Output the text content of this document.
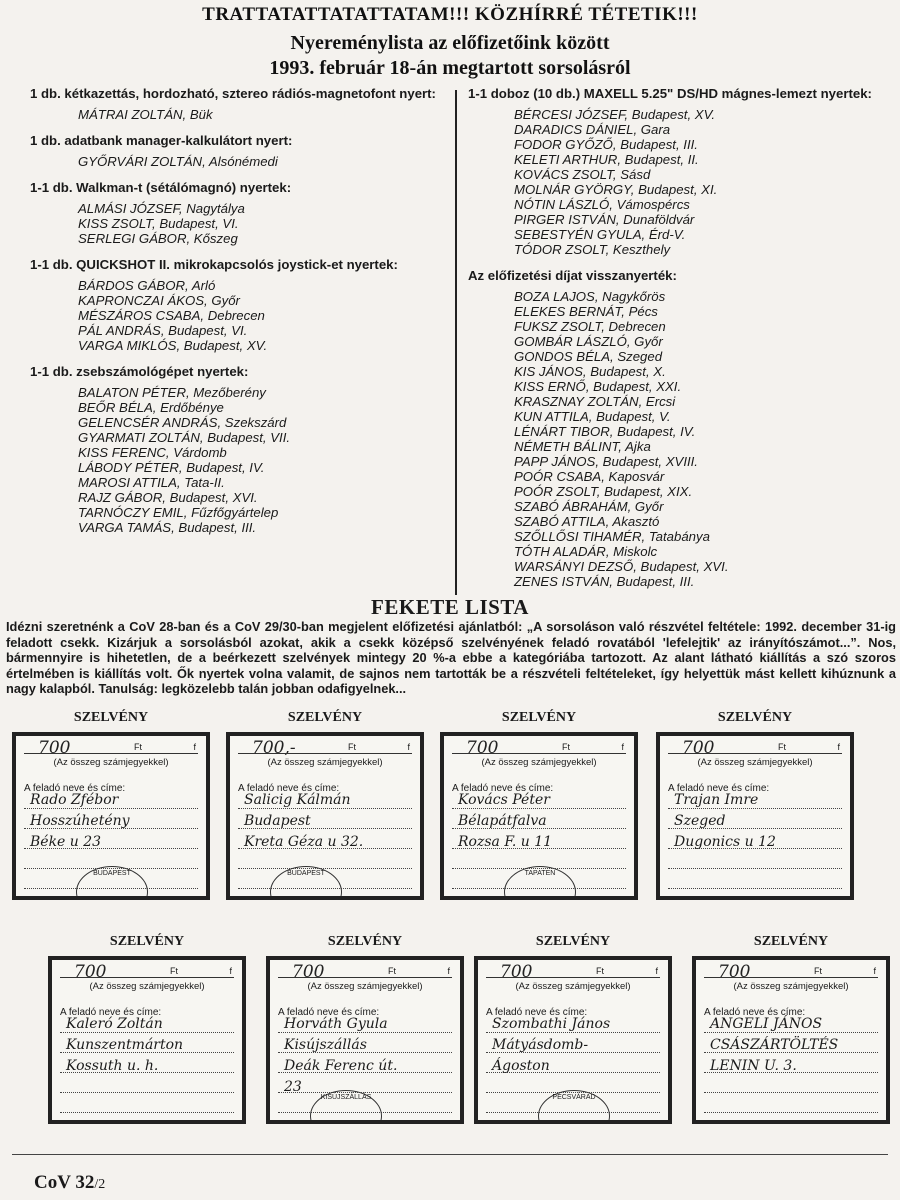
TRATTATATTATATTATAM!!! KÖZHÍRRÉ TÉTETIK!!!
Nyereménylista az előfizetőink között
1993. február 18-án megtartott sorsolásról
1 db. kétkazettás, hordozható, sztereo rádiós-magnetofont nyert:
MÁTRAI ZOLTÁN, Bük
1 db. adatbank manager-kalkulátort nyert:
GYŐRVÁRI ZOLTÁN, Alsónémedi
1-1 db. Walkman-t (sétálómagnó) nyertek:
ALMÁSI JÓZSEF, Nagytálya
KISS ZSOLT, Budapest, VI.
SERLEGI GÁBOR, Kőszeg
1-1 db. QUICKSHOT II. mikrokapcsolós joystick-et nyertek:
BÁRDOS GÁBOR, Arló
KAPRONCZAI ÁKOS, Győr
MÉSZÁROS CSABA, Debrecen
PÁL ANDRÁS, Budapest, VI.
VARGA MIKLÓS, Budapest, XV.
1-1 db. zsebszámológépet nyertek:
BALATON PÉTER, Mezőberény
BEŐR BÉLA, Erdőbénye
GELENCSÉR ANDRÁS, Szekszárd
GYARMATI ZOLTÁN, Budapest, VII.
KISS FERENC, Várdomb
LÁBODY PÉTER, Budapest, IV.
MAROSI ATTILA, Tata-II.
RAJZ GÁBOR, Budapest, XVI.
TARNÓCZY EMIL, Fűzfőgyártelep
VARGA TAMÁS, Budapest, III.
1-1 doboz (10 db.) MAXELL 5.25" DS/HD mágnes-lemezt nyertek:
BÉRCESI JÓZSEF, Budapest, XV.
DARADICS DÁNIEL, Gara
FODOR GYŐZŐ, Budapest, III.
KELETI ARTHUR, Budapest, II.
KOVÁCS ZSOLT, Sásd
MOLNÁR GYÖRGY, Budapest, XI.
NÓTIN LÁSZLÓ, Vámospércs
PIRGER ISTVÁN, Dunaföldvár
SEBESTYÉN GYULA, Érd-V.
TÓDOR ZSOLT, Keszthely
Az előfizetési díjat visszanyerték:
BOZA LAJOS, Nagykőrös
ELEKES BERNÁT, Pécs
FUKSZ ZSOLT, Debrecen
GOMBÁR LÁSZLÓ, Győr
GONDOS BÉLA, Szeged
KIS JÁNOS, Budapest, X.
KISS ERNŐ, Budapest, XXI.
KRASZNAY ZOLTÁN, Ercsi
KUN ATTILA, Budapest, V.
LÉNÁRT TIBOR, Budapest, IV.
NÉMETH BÁLINT, Ajka
PAPP JÁNOS, Budapest, XVIII.
POÓR CSABA, Kaposvár
POÓR ZSOLT, Budapest, XIX.
SZABÓ ÁBRAHÁM, Győr
SZABÓ ATTILA, Akasztó
SZŐLLŐSI TIHAMÉR, Tatabánya
TÓTH ALADÁR, Miskolc
WARSÁNYI DEZSŐ, Budapest, XVI.
ZENES ISTVÁN, Budapest, III.
FEKETE LISTA
Idézni szeretnénk a CoV 28-ban és a CoV 29/30-ban megjelent előfizetési ajánlatból: „A sorsoláson való részvétel feltétele: 1992. december 31-ig feladott csekk. Kizárjuk a sorsolásból azokat, akik a csekk középső szelvényének feladó rovatából 'lefelejtik' az irányítószámot...”. Nos, bármennyire is hihetetlen, de a beérkezett szelvények mintegy 20 %-a ebbe a kategóriába tartozott. Az alant látható kiállítás a szó szoros értelmében is kiállítás volt. Ők nyertek volna valamit, de sajnos nem tartották be a részvételi feltételeket, így helyettük mást kellett kihúznunk a nagy kalapból. Tanulság: legközelebb talán jobban odafigyelnek...
SZELVÉNY
700	Ft	f
(Az összeg számjegyekkel)
A feladó neve és címe:
Rado Zfébor
Hosszúhetény
Béke u 23
BUDAPEST
SZELVÉNY
700,-	Ft	f
(Az összeg számjegyekkel)
A feladó neve és címe:
Salicig Kálmán
Budapest
Kreta Géza u 32.
BUDAPEST
SZELVÉNY
700	Ft	f
(Az összeg számjegyekkel)
A feladó neve és címe:
Kovács Péter
Bélapátfalva
Rozsa F. u 11
TAPATEN
SZELVÉNY
700	Ft	f
(Az összeg számjegyekkel)
A feladó neve és címe:
Trajan Imre
Szeged
Dugonics u 12
SZELVÉNY
700	Ft	f
(Az összeg számjegyekkel)
A feladó neve és címe:
Kaleró Zoltán
Kunszentmárton
Kossuth u. h.
SZELVÉNY
700	Ft	f
(Az összeg számjegyekkel)
A feladó neve és címe:
Horváth Gyula
Kisújszállás
Deák Ferenc út.
23
KISÚJSZÁLLÁS
SZELVÉNY
700	Ft	f
(Az összeg számjegyekkel)
A feladó neve és címe:
Szombathi János
Mátyásdomb-
Ágoston
PÉCSVÁRAD
SZELVÉNY
700	Ft	f
(Az összeg számjegyekkel)
A feladó neve és címe:
ANGELI JÁNOS
CSÁSZÁRTÖLTÉS
LENIN U. 3.
CoV 32/2
